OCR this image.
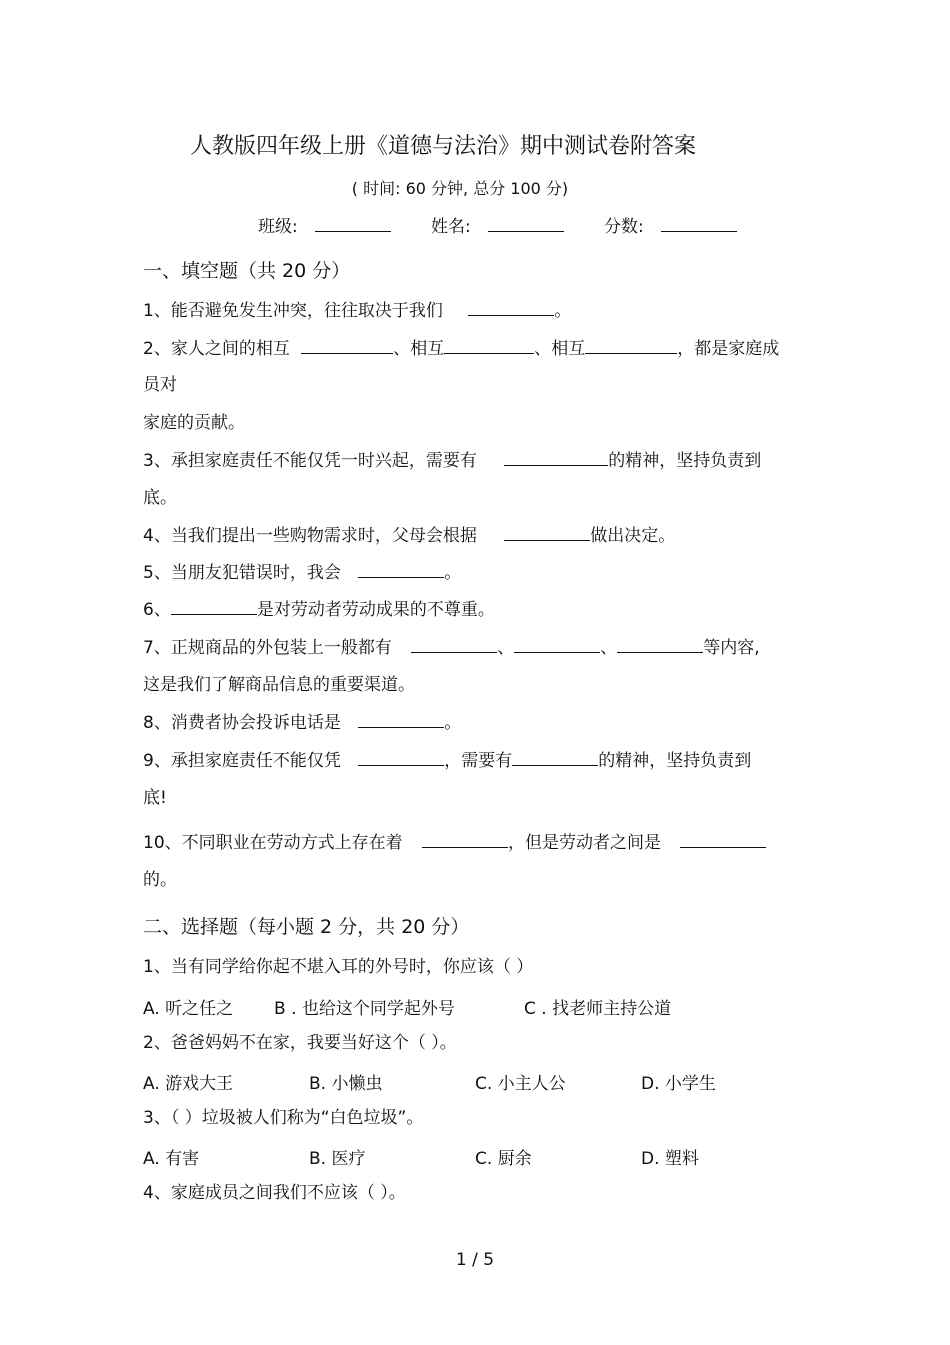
人教版四年级上册《道德与法治》期中测试卷附答案
( 时间: 60 分钟, 总分 100 分)
班级:	姓名:	分数:
一、填空题（共 20 分）
1、能否避免发生冲突，往往取决于我们	。
2、家人之间的相互	、相互	、相互	，都是家庭成
员对
家庭的贡献。
3、承担家庭责任不能仅凭一时兴起，需要有	的精神，坚持负责到
底。
4、当我们提出一些购物需求时，父母会根据	做出决定。
5、当朋友犯错误时，我会	。
6、	是对劳动者劳动成果的不尊重。
7、正规商品的外包装上一般都有	、	、	等内容,
这是我们了解商品信息的重要渠道。
8、消费者协会投诉电话是	。
9、承担家庭责任不能仅凭	，需要有	的精神，坚持负责到
底!
10、不同职业在劳动方式上存在着	，但是劳动者之间是
的。
二、选择题（每小题 2 分，共 20 分）
1、当有同学给你起不堪入耳的外号时，你应该（ ）
A. 听之任之 B . 也给这个同学起外号	C . 找老师主持公道
2、爸爸妈妈不在家，我要当好这个（ ）。
A. 游戏大王	B. 小懒虫	C. 小主人公	D. 小学生
3、（ ）垃圾被人们称为“白色垃圾”。
A. 有害	B. 医疗	C. 厨余	D. 塑料
4、家庭成员之间我们不应该（ ）。
1 / 5
